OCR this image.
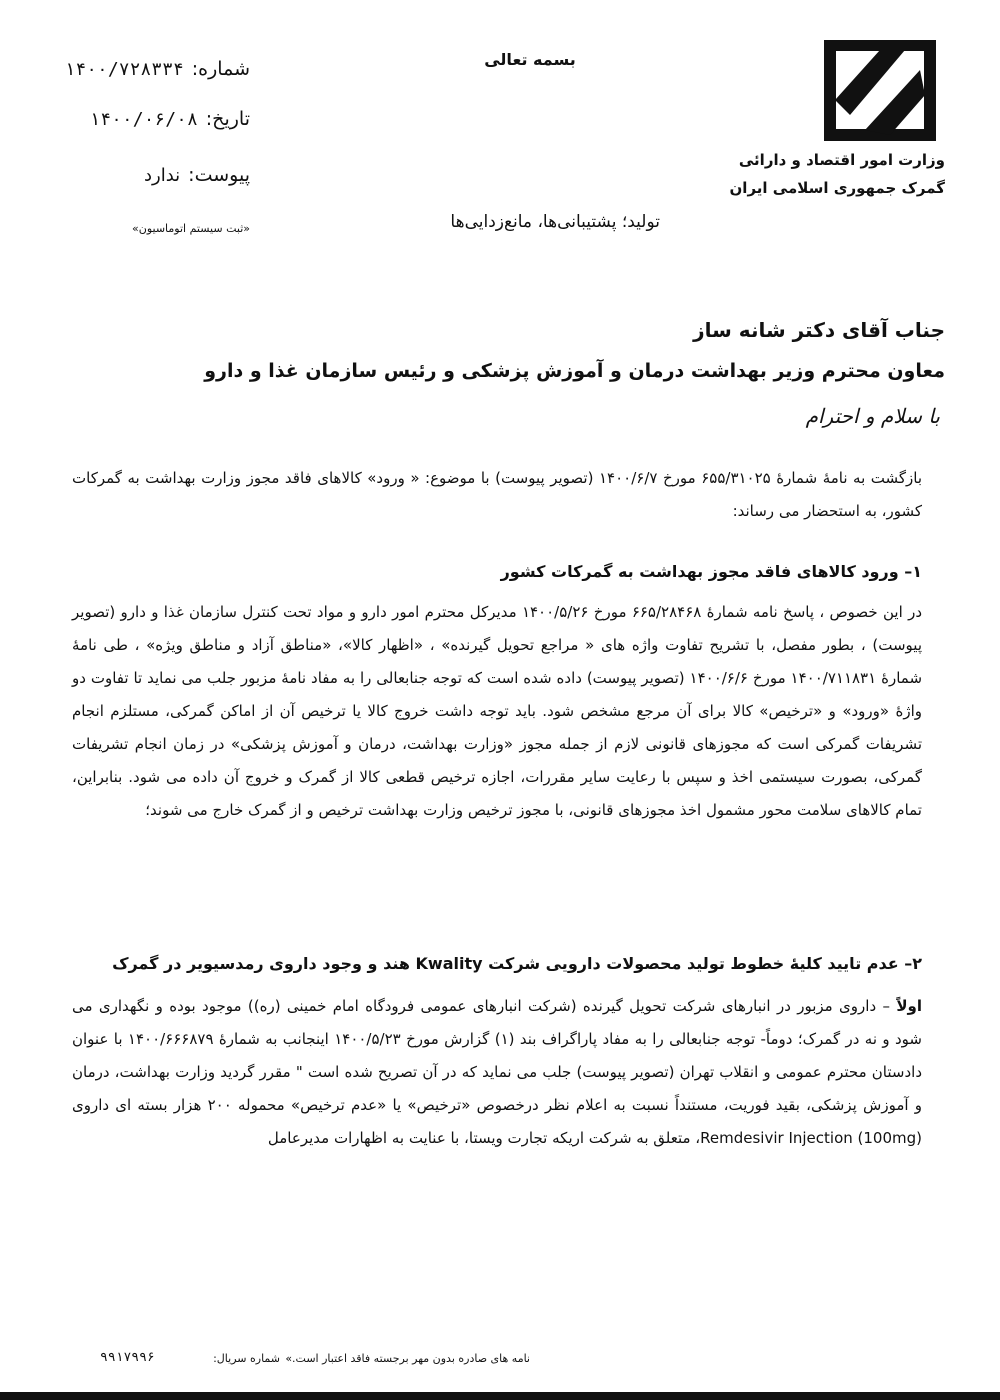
وزارت امور اقتصاد و دارائی
گمرک جمهوری اسلامی ایران
بسمه تعالی
شماره:
۱۴۰۰/۷۲۸۳۳۴
تاریخ:
۱۴۰۰/۰۶/۰۸
پیوست:
ندارد
«ثبت سیستم اتوماسیون»	تولید؛ پشتیبانی‌ها، مانع‌زدایی‌ها
جناب آقای دکتر شانه ساز
معاون محترم وزیر بهداشت درمان و آموزش پزشکی و رئیس سازمان غذا و دارو
با سلام و احترام
بازگشت به نامهٔ شمارهٔ ۶۵۵/۳۱۰۲۵ مورخ ۱۴۰۰/۶/۷ (تصویر پیوست) با موضوع: « ورود» کالاهای فاقد مجوز وزارت بهداشت به گمرکات کشور، به استحضار می رساند:
۱– ورود کالاهای فاقد مجوز بهداشت به گمرکات کشور
در این خصوص ، پاسخ نامه شمارهٔ ۶۶۵/۲۸۴۶۸ مورخ ۱۴۰۰/۵/۲۶ مدیرکل محترم امور دارو و مواد تحت کنترل سازمان غذا و دارو (تصویر پیوست) ، بطور مفصل، با تشریح تفاوت واژه های « مراجع تحویل گیرنده» ، «اظهار کالا»، «مناطق آزاد و مناطق ویژه» ، طی نامهٔ شمارهٔ ۱۴۰۰/۷۱۱۸۳۱ مورخ ۱۴۰۰/۶/۶ (تصویر پیوست) داده شده است که توجه جنابعالی را به مفاد نامهٔ مزبور جلب می نماید تا تفاوت دو واژهٔ «ورود» و «ترخیص» کالا برای آن مرجع مشخص شود. باید توجه داشت خروج کالا یا ترخیص آن از اماکن گمرکی، مستلزم انجام تشریفات گمرکی است که مجوزهای قانونی لازم از جمله مجوز «وزارت بهداشت، درمان و آموزش پزشکی» در زمان انجام تشریفات گمرکی، بصورت سیستمی اخذ و سپس با رعایت سایر مقررات، اجازه ترخیص قطعی کالا از گمرک و خروج آن داده می شود. بنابراین، تمام کالاهای سلامت محور مشمول اخذ مجوزهای قانونی، با مجوز ترخیص وزارت بهداشت ترخیص و از گمرک خارج می شوند؛
۲– عدم تایید کلیهٔ خطوط تولید محصولات دارویی شرکت Kwality هند و وجود داروی رمدسیویر در گمرک
اولاً – داروی مزبور در انبارهای شرکت تحویل گیرنده (شرکت انبارهای عمومی فرودگاه امام خمینی (ره)) موجود بوده و نگهداری می شود و نه در گمرک؛ دوماً- توجه جنابعالی را به مفاد پاراگراف بند (۱) گزارش مورخ ۱۴۰۰/۵/۲۳ اینجانب به شمارهٔ ۱۴۰۰/۶۶۶۸۷۹ با عنوان دادستان محترم عمومی و انقلاب تهران (تصویر پیوست) جلب می نماید که در آن تصریح شده است " مقرر گردید وزارت بهداشت، درمان و آموزش پزشکی، بقید فوریت، مستنداً نسبت به اعلام نظر درخصوص «ترخیص» یا «عدم ترخیص» محموله ۲۰۰ هزار بسته ای داروی Remdesivir Injection (100mg)، متعلق به شرکت اریکه تجارت ویستا، با عنایت به اظهارات مدیرعامل
نامه های صادره بدون مهر برجسته فاقد اعتبار است.»
شماره سریال:
۹۹۱۷۹۹۶
